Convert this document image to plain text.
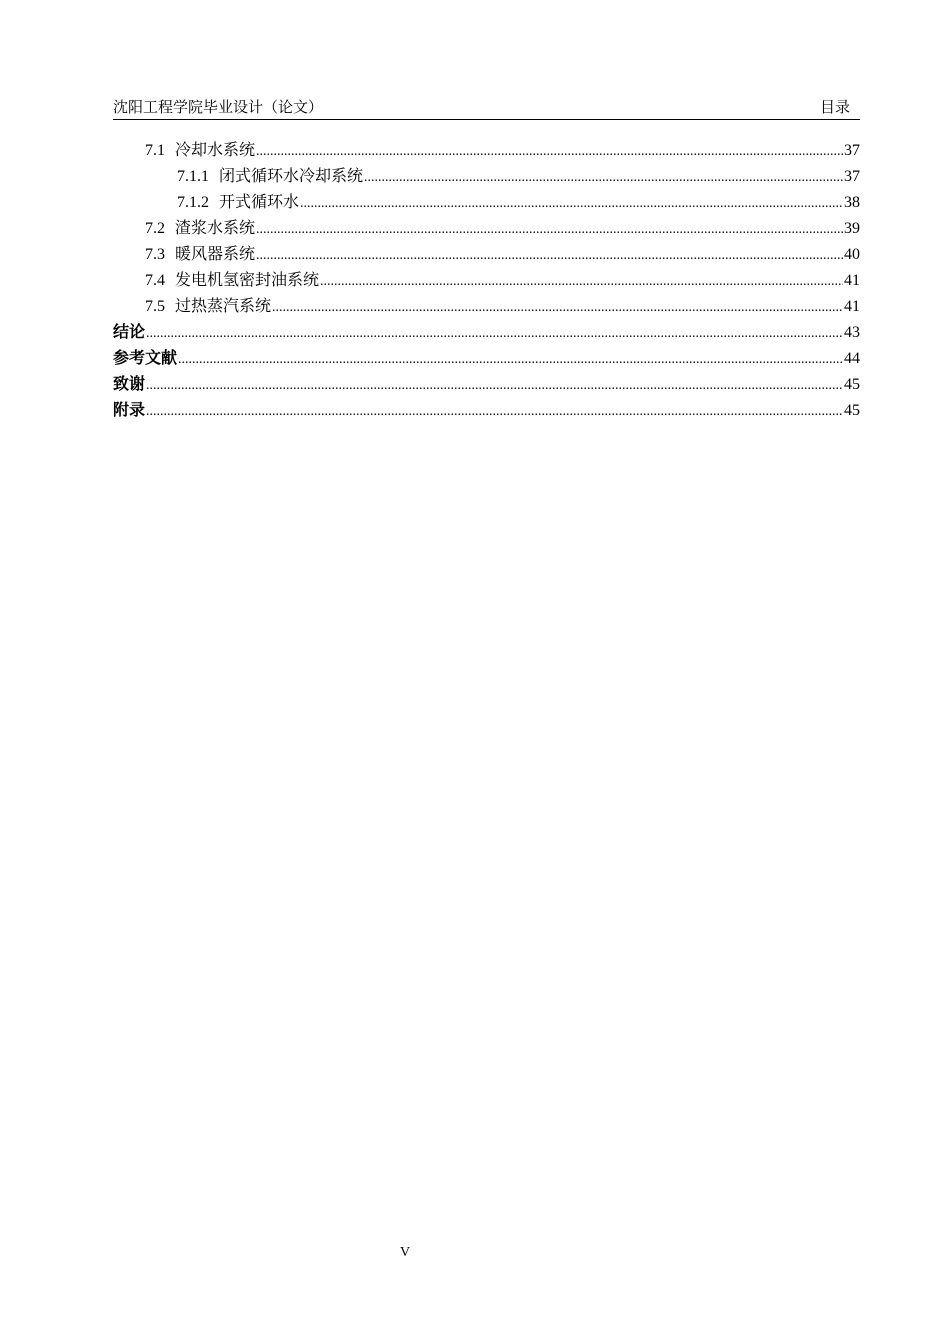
沈阳工程学院毕业设计（论文）	目录
7.1 冷却水系统 .....	37
7.1.1 闭式循环水冷却系统 .....	37
7.1.2 开式循环水 .....	38
7.2 渣浆水系统 .....	39
7.3 暖风器系统 .....	40
7.4 发电机氢密封油系统 .....	41
7.5 过热蒸汽系统 .....	41
结论 .....	43
参考文献 .....	44
致谢 .....	45
附录 .....	45
V
